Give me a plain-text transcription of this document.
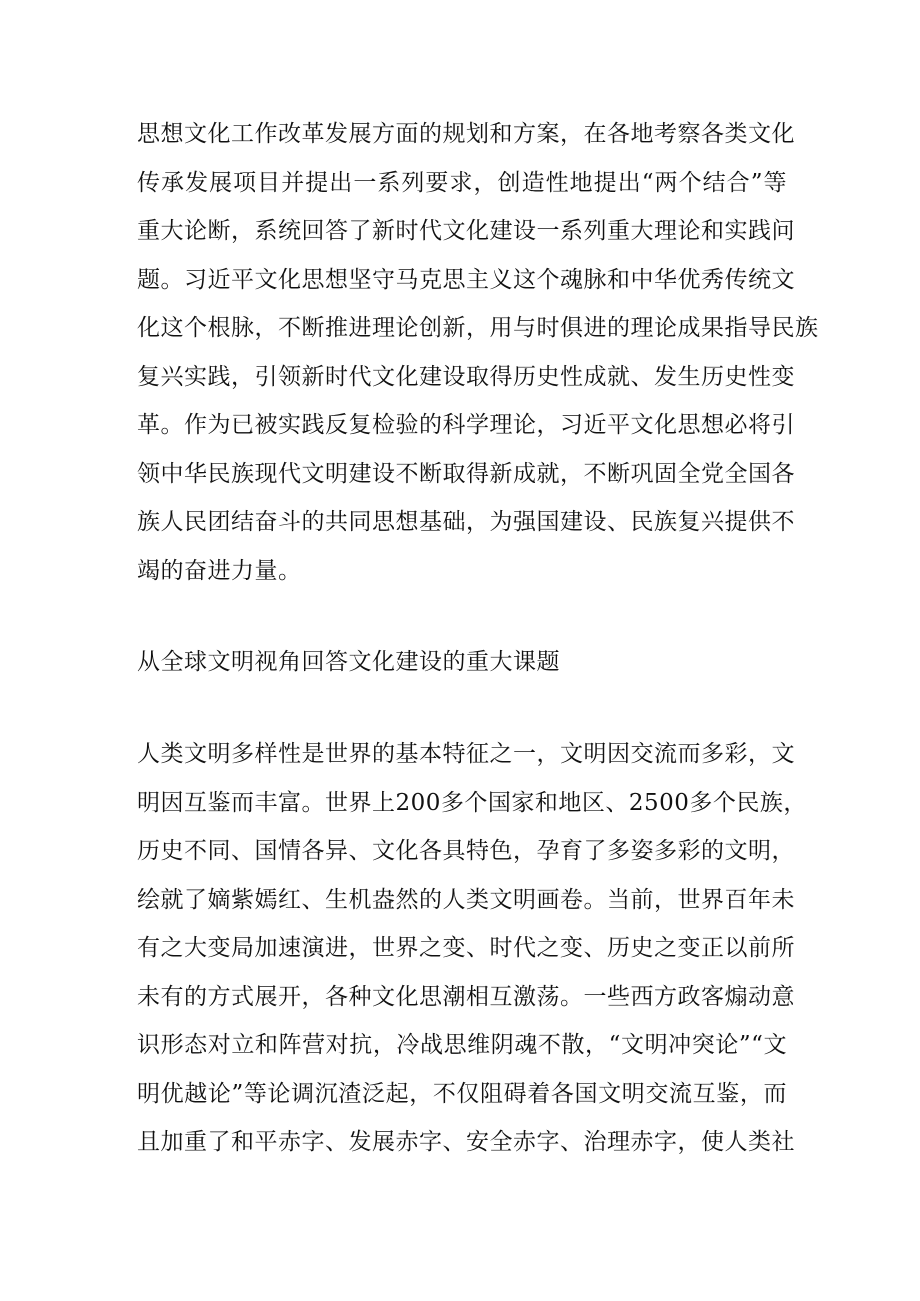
思想文化工作改革发展方面的规划和方案，在各地考察各类文化
传承发展项目并提出一系列要求，创造性地提出“两个结合”等
重大论断，系统回答了新时代文化建设一系列重大理论和实践问
题。习近平文化思想坚守马克思主义这个魂脉和中华优秀传统文
化这个根脉，不断推进理论创新，用与时俱进的理论成果指导民族
复兴实践，引领新时代文化建设取得历史性成就、发生历史性变
革。作为已被实践反复检验的科学理论，习近平文化思想必将引
领中华民族现代文明建设不断取得新成就，不断巩固全党全国各
族人民团结奋斗的共同思想基础，为强国建设、民族复兴提供不
竭的奋进力量。
从全球文明视角回答文化建设的重大课题
人类文明多样性是世界的基本特征之一，文明因交流而多彩，文
明因互鉴而丰富。世界上200多个国家和地区、2500多个民族，
历史不同、国情各异、文化各具特色，孕育了多姿多彩的文明，
绘就了嫡紫嫣红、生机盎然的人类文明画卷。当前，世界百年未
有之大变局加速演进，世界之变、时代之变、历史之变正以前所
未有的方式展开，各种文化思潮相互激荡。一些西方政客煽动意
识形态对立和阵营对抗，冷战思维阴魂不散，“文明冲突论”“文
明优越论”等论调沉渣泛起，不仅阻碍着各国文明交流互鉴，而
且加重了和平赤字、发展赤字、安全赤字、治理赤字，使人类社
